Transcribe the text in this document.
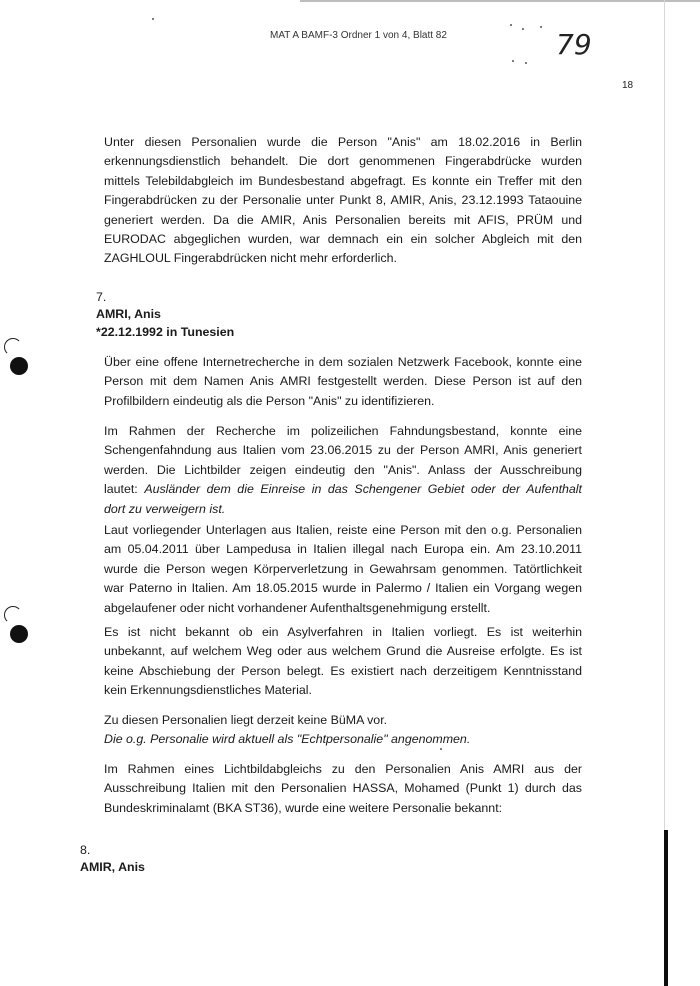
MAT A BAMF-3 Ordner 1 von 4, Blatt 82	79
18
Unter diesen Personalien wurde die Person "Anis" am 18.02.2016 in Berlin
erkennungsdienstlich behandelt. Die dort genommenen Fingerabdrücke wurden
mittels Telebildabgleich im Bundesbestand abgefragt. Es konnte ein Treffer mit den
Fingerabdrücken zu der Personalie unter Punkt 8, AMIR, Anis, 23.12.1993 Tataouine
generiert werden. Da die AMIR, Anis Personalien bereits mit AFIS, PRÜM und
EURODAC abgeglichen wurden, war demnach ein ein solcher Abgleich mit den
ZAGHLOUL Fingerabdrücken nicht mehr erforderlich.
7.
AMRI, Anis
*22.12.1992 in Tunesien
Über eine offene Internetrecherche in dem sozialen Netzwerk Facebook, konnte eine
Person mit dem Namen Anis AMRI festgestellt werden. Diese Person ist auf den
Profilbildern eindeutig als die Person "Anis" zu identifizieren.
Im Rahmen der Recherche im polizeilichen Fahndungsbestand, konnte eine
Schengenfahndung aus Italien vom 23.06.2015 zu der Person AMRI, Anis generiert
werden. Die Lichtbilder zeigen eindeutig den "Anis". Anlass der Ausschreibung
lautet: Ausländer dem die Einreise in das Schengener Gebiet oder der Aufenthalt
dort zu verweigern ist.
Laut vorliegender Unterlagen aus Italien, reiste eine Person mit den o.g. Personalien
am 05.04.2011 über Lampedusa in Italien illegal nach Europa ein. Am 23.10.2011
wurde die Person wegen Körperverletzung in Gewahrsam genommen. Tatörtlichkeit
war Paterno in Italien. Am 18.05.2015 wurde in Palermo / Italien ein Vorgang wegen
abgelaufener oder nicht vorhandener Aufenthaltsgenehmigung erstellt.
Es ist nicht bekannt ob ein Asylverfahren in Italien vorliegt. Es ist weiterhin
unbekannt, auf welchem Weg oder aus welchem Grund die Ausreise erfolgte. Es ist
keine Abschiebung der Person belegt. Es existiert nach derzeitigem Kenntnisstand
kein Erkennungsdienstliches Material.
Zu diesen Personalien liegt derzeit keine BüMA vor.
Die o.g. Personalie wird aktuell als "Echtpersonalie" angenommen.
Im Rahmen eines Lichtbildabgleichs zu den Personalien Anis AMRI aus der
Ausschreibung Italien mit den Personalien HASSA, Mohamed (Punkt 1) durch das
Bundeskriminalamt (BKA ST36), wurde eine weitere Personalie bekannt:
8.
AMIR, Anis
